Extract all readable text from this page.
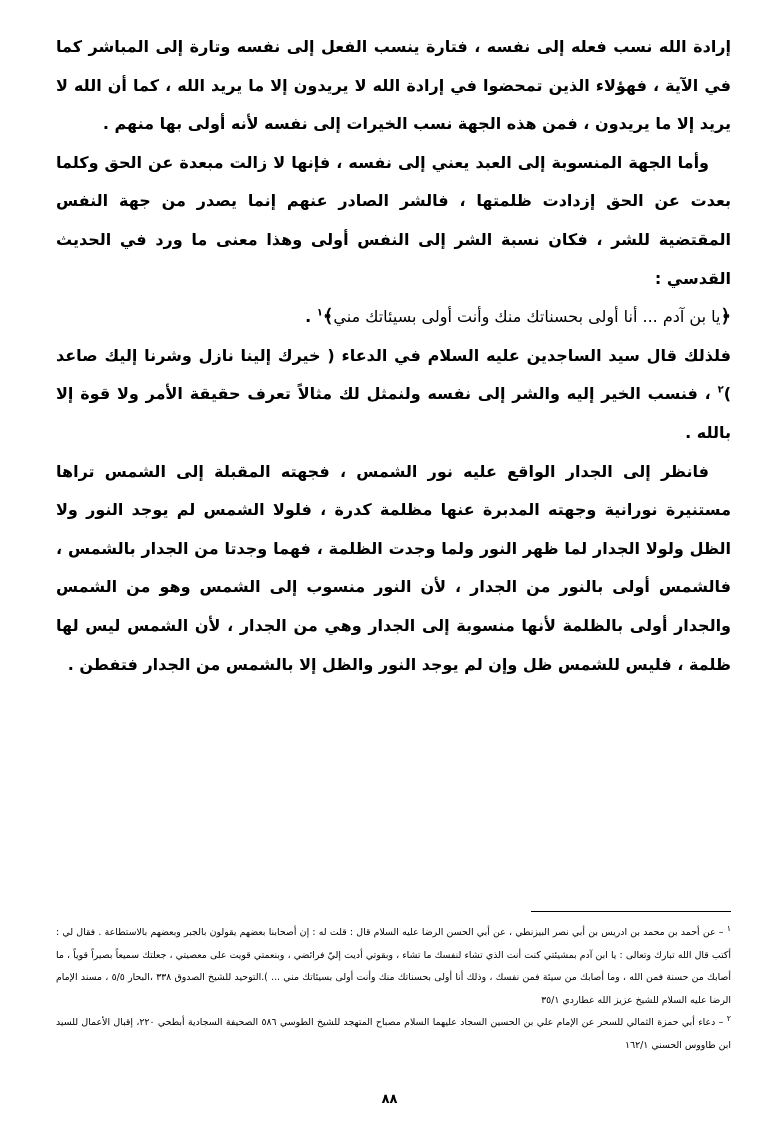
إرادة الله نسب فعله إلى نفسه ، فتارة ينسب الفعل إلى نفسه وتارة إلى المباشر كما في الآية ، فهؤلاء الذين تمحضوا في إرادة الله لا يريدون إلا ما يريد الله ، كما أن الله لا يريد إلا ما يريدون ، فمن هذه الجهة نسب الخيرات إلى نفسه لأنه أولى بها منهم .

وأما الجهة المنسوبة إلى العبد يعني إلى نفسه ، فإنها لا زالت مبعدة عن الحق وكلما بعدت عن الحق إزدادت ظلمتها ، فالشر الصادر عنهم إنما يصدر من جهة النفس المقتضية للشر ، فكان نسبة الشر إلى النفس أولى وهذا معنى ما ورد في الحديث القدسي :

﴿يا بن آدم ... أنا أولى بحسناتك منك وأنت أولى بسيئاتك مني﴾$^١$ .

فلذلك قال سيد الساجدين عليه السلام في الدعاء ( خيرك إلينا نازل وشرنا إليك صاعد )$^٢$ ، فنسب الخير إليه والشر إلى نفسه ولنمثل لك مثالاً تعرف حقيقة الأمر ولا قوة إلا بالله .

فانظر إلى الجدار الواقع عليه نور الشمس ، فجهته المقبلة إلى الشمس تراها مستنيرة نورانية وجهته المدبرة عنها مظلمة كدرة ، فلولا الشمس لم يوجد النور ولا الظل ولولا الجدار لما ظهر النور ولما وجدت الظلمة ، فهما وجدتا من الجدار بالشمس ، فالشمس أولى بالنور من الجدار ، لأن النور منسوب إلى الشمس وهو من الشمس والجدار أولى بالظلمة لأنها منسوبة إلى الجدار وهي من الجدار ، لأن الشمس ليس لها ظلمة ، فليس للشمس ظل وإن لم يوجد النور والظل إلا بالشمس من الجدار فتفطن .

$^١$ – عن أحمد بن محمد بن ادريس بن أبي نصر البيزنطي ، عن أبي الحسن الرضا عليه السلام قال : قلت له : إن أصحابنا بعضهم يقولون بالجبر وبعضهم بالاستطاعة . فقال لي : أكتب قال الله تبارك وتعالى : يا ابن آدم بمشيئتي كنت أنت الذي تشاء لنفسك ما تشاء ، وبقوتي أديت إليّ فرائضي ، وبنعمتي قويت على معصيتي ، جعلتك سميعاً بصيراً قوياً ، ما أصابك من حسنة فمن الله ، وما أصابك من سيئة فمن نفسك ، وذلك أنا أولى بحسناتك منك وأنت أولى بسيئاتك مني ... ).التوحيد للشيخ الصدوق ٣٣٨ ،البحار ٥/٥ ، مسند الإمام الرضا عليه السلام للشيخ عزيز الله عطاردي ٣٥/١

$^٢$ – دعاء أبي حمزة الثمالي للسحر عن الإمام علي بن الحسين السجاد عليهما السلام مصباح المتهجد للشيخ الطوسي ٥٨٦ الصحيفة السجادية أبطحي ٢٢٠، إقبال الأعمال للسيد ابن طاووس الحسني ١٦٢/١

٨٨
